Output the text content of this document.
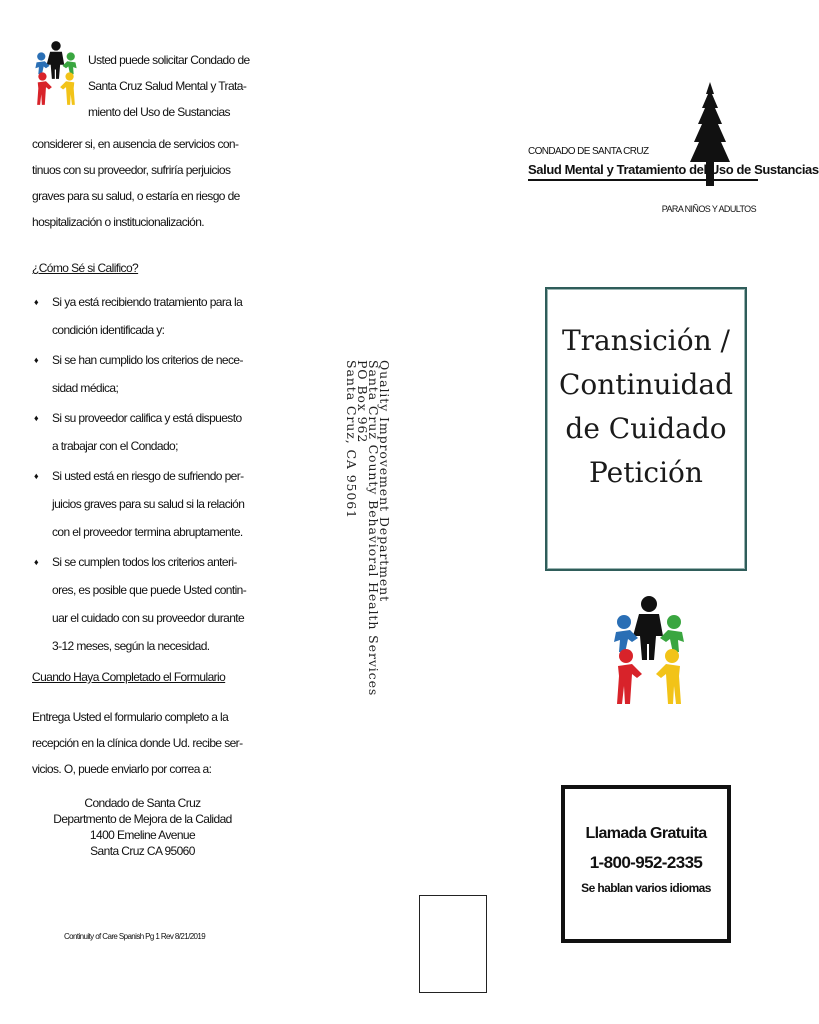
Usted puede solicitar Condado de
Santa Cruz Salud Mental y Trata-
miento del Uso de Sustancias
considerer si, en ausencia de servicios con-
tinuos con su proveedor, sufriría perjuicios
graves para su salud, o estaría en riesgo de
hospitalización o institucionalización.
¿Cómo Sé si Califico?
♦ Si ya está recibiendo tratamiento para la
condición identificada y:
♦ Si se han cumplido los criterios de nece-
sidad médica;
♦ Si su proveedor califica y está dispuesto
a trabajar con el Condado;
♦ Si usted está en riesgo de sufriendo per-
juicios graves para su salud si la relación
con el proveedor termina abruptamente.
♦ Si se cumplen todos los criterios anteri-
ores, es posible que puede Usted contin-
uar el cuidado con su proveedor durante
3-12 meses, según la necesidad.
Cuando Haya Completado el Formulario
Entrega Usted el formulario completo a la
recepción en la clínica donde Ud. recibe ser-
vicios. O, puede enviarlo por correa a:
Condado de Santa Cruz
Departmento de Mejora de la Calidad
1400 Emeline Avenue
Santa Cruz CA 95060
Continuity of Care Spanish Pg 1 Rev 8/21/2019
Quality Improvement Department
Santa Cruz County Behavioral Health Services
PO Box 962
Santa Cruz, CA 95061
CONDADO DE SANTA CRUZ
Salud Mental y Tratamiento del Uso de Sustancias
PARA NIÑOS Y ADULTOS
Transición /
Continuidad
de Cuidado
Petición
Llamada Gratuita
1-800-952-2335
Se hablan varios idiomas
